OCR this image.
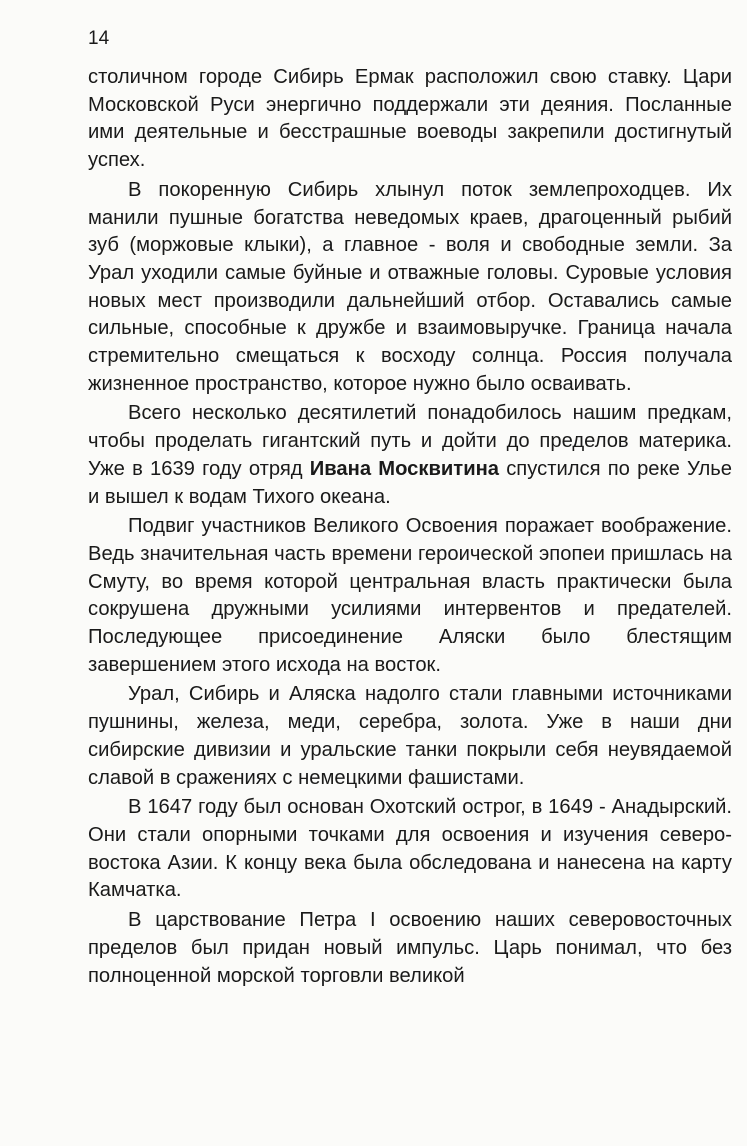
14

столичном городе Сибирь Ермак расположил свою ставку. Цари Московской Руси энергично поддержали эти деяния. Посланные ими деятельные и бесстрашные воеводы закрепили достигнутый успех.

В покоренную Сибирь хлынул поток землепроходцев. Их манили пушные богатства неведомых краев, драгоценный рыбий зуб (моржовые клыки), а главное - воля и свободные земли. За Урал уходили самые буйные и отважные головы. Суровые условия новых мест производили дальнейший отбор. Оставались самые сильные, способные к дружбе и взаимовыручке. Граница начала стремительно смещаться к восходу солнца. Россия получала жизненное пространство, которое нужно было осваивать.

Всего несколько десятилетий понадобилось нашим предкам, чтобы проделать гигантский путь и дойти до пределов материка. Уже в 1639 году отряд Ивана Москвитина спустился по реке Улье и вышел к водам Тихого океана.

Подвиг участников Великого Освоения поражает воображение. Ведь значительная часть времени героической эпопеи пришлась на Смуту, во время которой центральная власть практически была сокрушена дружными усилиями интервентов и предателей. Последующее присоединение Аляски было блестящим завершением этого исхода на восток.

Урал, Сибирь и Аляска надолго стали главными источниками пушнины, железа, меди, серебра, золота. Уже в наши дни сибирские дивизии и уральские танки покрыли себя неувядаемой славой в сражениях с немецкими фашистами.

В 1647 году был основан Охотский острог, в 1649 - Анадырский. Они стали опорными точками для освоения и изучения северо-востока Азии. К концу века была обследована и нанесена на карту Камчатка.

В царствование Петра I освоению наших северовосточных пределов был придан новый импульс. Царь понимал, что без полноценной морской торговли великой
